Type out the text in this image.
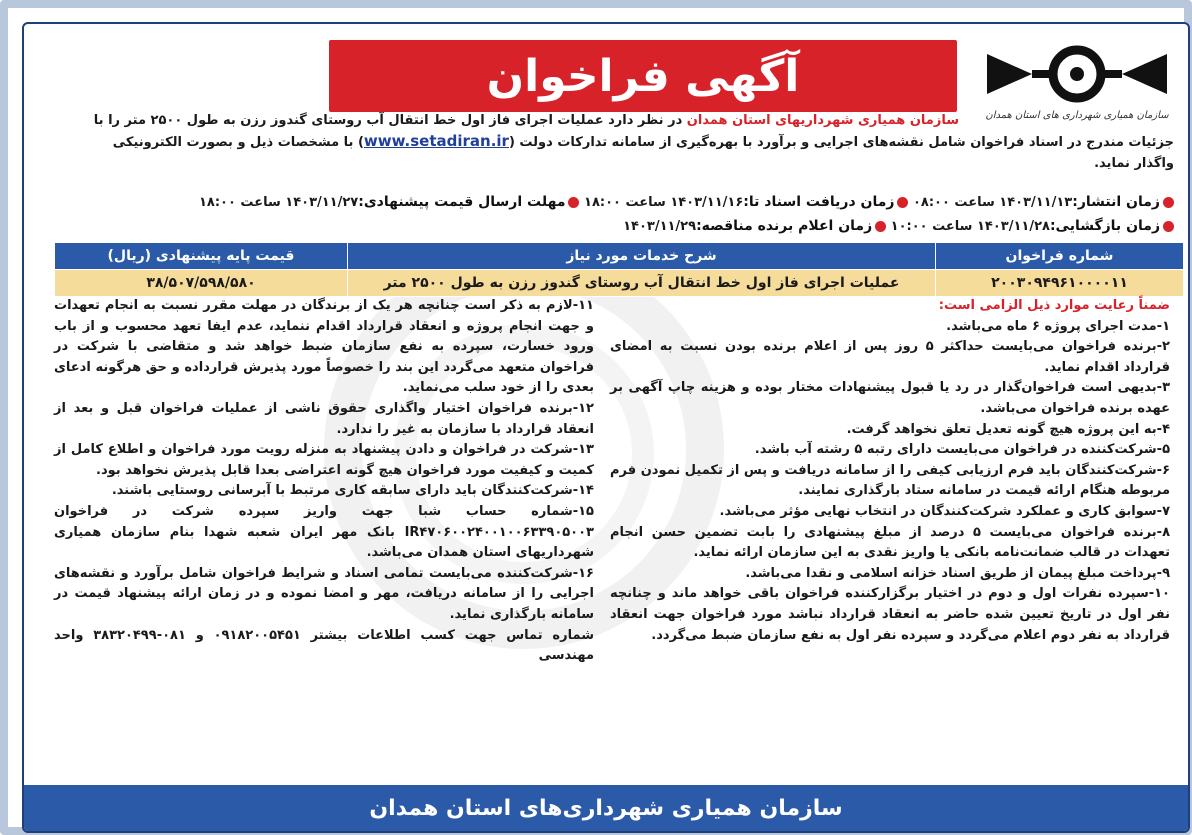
آگهی فراخوان
سازمان همیاری شهرداری های استان همدان
سازمان همیاری شهرداریهای استان همدان در نظر دارد عملیات اجرای فاز اول خط انتقال آب روستای گندوز رزن به طول ۲۵۰۰ متر را با
جزئیات مندرج در اسناد فراخوان شامل نقشه‌های اجرایی و برآورد با بهره‌گیری از سامانه تدارکات دولت (www.setadiran.ir) با مشخصات ذیل و بصورت الکترونیکی
واگذار نماید.
زمان انتشار:۱۴۰۳/۱۱/۱۳ ساعت ۰۸:۰۰ زمان دریافت اسناد تا:۱۴۰۳/۱۱/۱۶ ساعت ۱۸:۰۰ مهلت ارسال قیمت پیشنهادی:۱۴۰۳/۱۱/۲۷ ساعت ۱۸:۰۰
زمان بازگشایی:۱۴۰۳/۱۱/۲۸ ساعت ۱۰:۰۰ زمان اعلام برنده مناقصه:۱۴۰۳/۱۱/۲۹
شماره فراخوان	شرح خدمات مورد نیاز	قیمت پایه پیشنهادی (ریال)
۲۰۰۳۰۹۴۹۶۱۰۰۰۰۱۱	عملیات اجرای فاز اول خط انتقال آب روستای گندوز رزن به طول ۲۵۰۰ متر	۳۸/۵۰۷/۵۹۸/۵۸۰

ضمناً رعایت موارد ذیل الزامی است:

۱-مدت اجرای پروژه ۶ ماه می‌باشد.

۲-برنده فراخوان می‌بایست حداکثر ۵ روز پس از اعلام برنده بودن نسبت به امضای قرارداد اقدام نماید.

۳-بدیهی است فراخوان‌گذار در رد یا قبول پیشنهادات مختار بوده و هزینه چاپ آگهی بر عهده برنده فراخوان می‌باشد.

۴-به این پروژه هیچ گونه تعدیل تعلق نخواهد گرفت.

۵-شرکت‌کننده در فراخوان می‌بایست دارای رتبه ۵ رشته آب باشد.

۶-شرکت‌کنندگان باید فرم ارزیابی کیفی را از سامانه دریافت و پس از تکمیل نمودن فرم مربوطه هنگام ارائه قیمت در سامانه ستاد بارگذاری نمایند.

۷-سوابق کاری و عملکرد شرکت‌کنندگان در انتخاب نهایی مؤثر می‌باشد.

۸-برنده فراخوان می‌بایست ۵ درصد از مبلغ پیشنهادی را بابت تضمین حسن انجام تعهدات در قالب ضمانت‌نامه بانکی یا واریز نقدی به این سازمان ارائه نماید.

۹-پرداخت مبلغ پیمان از طریق اسناد خزانه اسلامی و نقدا می‌باشد.

۱۰-سپرده نفرات اول و دوم در اختیار برگزارکننده فراخوان باقی خواهد ماند و چنانچه نفر اول در تاریخ تعیین شده حاضر به انعقاد قرارداد نباشد مورد فراخوان جهت انعقاد قرارداد به نفر دوم اعلام می‌گردد و سپرده نفر اول به نفع سازمان ضبط می‌گردد.

۱۱-لازم به ذکر است چنانچه هر یک از برندگان در مهلت مقرر نسبت به انجام تعهدات و جهت انجام پروژه و انعقاد قرارداد اقدام ننماید، عدم ایفا تعهد محسوب و از باب ورود خسارت، سپرده به نفع سازمان ضبط خواهد شد و متقاضی با شرکت در فراخوان متعهد می‌گردد این بند را خصوصاً مورد پذیرش قرارداده و حق هرگونه ادعای بعدی را از خود سلب می‌نماید.

۱۲-برنده فراخوان اختیار واگذاری حقوق ناشی از عملیات فراخوان قبل و بعد از انعقاد قرارداد با سازمان به غیر را ندارد.

۱۳-شرکت در فراخوان و دادن پیشنهاد به منزله رویت مورد فراخوان و اطلاع کامل از کمیت و کیفیت مورد فراخوان هیچ گونه اعتراضی بعدا قابل پذیرش نخواهد بود.

۱۴-شرکت‌کنندگان باید دارای سابقه کاری مرتبط با آبرسانی روستایی باشند.

۱۵-شماره حساب شبا جهت واریز سپرده شرکت در فراخوان IR۴۷۰۶۰۰۲۴۰۰۱۰۰۶۳۳۹۰۵۰۰۳ بانک مهر ایران شعبه شهدا بنام سازمان همیاری شهرداریهای استان همدان می‌باشد.

۱۶-شرکت‌کننده می‌بایست تمامی اسناد و شرایط فراخوان شامل برآورد و نقشه‌های اجرایی را از سامانه دریافت، مهر و امضا نموده و در زمان ارائه پیشنهاد قیمت در سامانه بارگذاری نماید.

شماره تماس جهت کسب اطلاعات بیشتر ۰۹۱۸۲۰۰۵۴۵۱ و ۰۸۱-۳۸۳۲۰۴۹۹ واحد مهندسی

سازمان همیاری شهرداری‌های استان همدان
